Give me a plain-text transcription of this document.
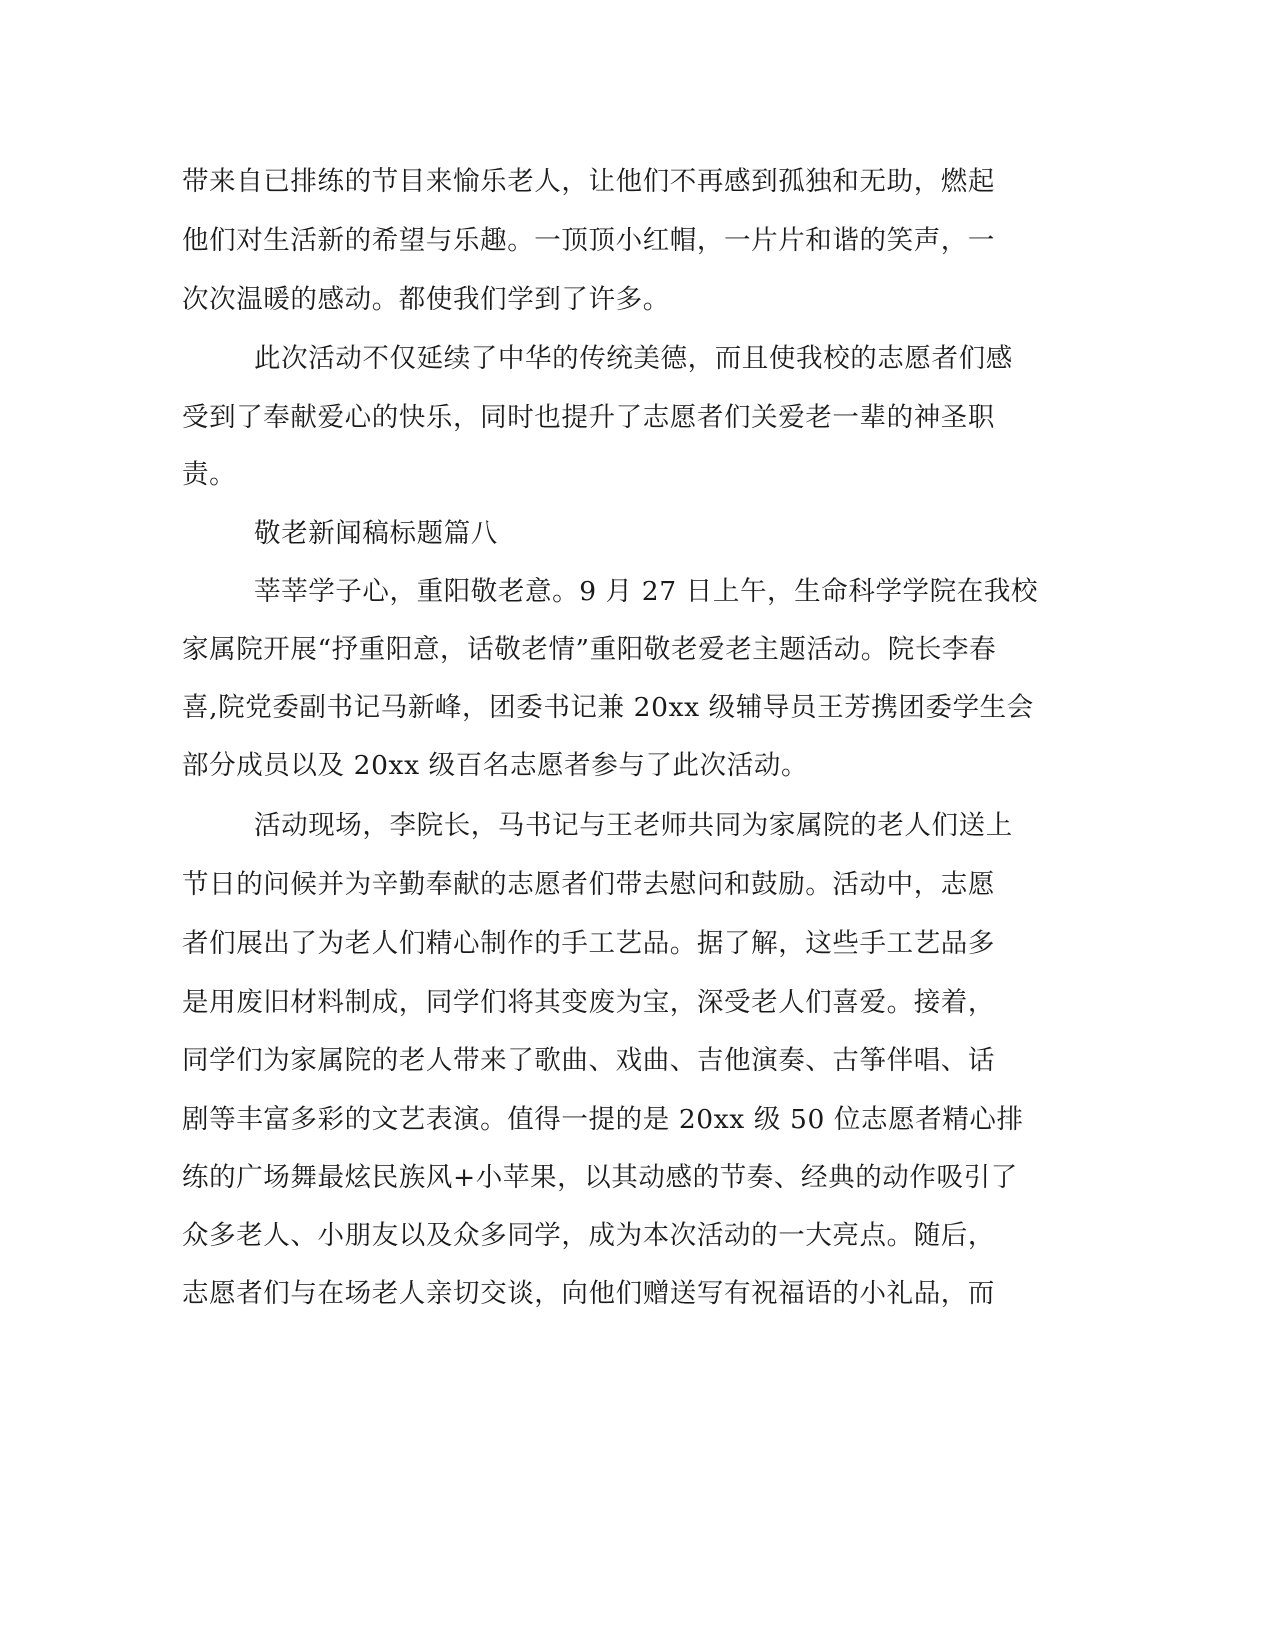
带来自已排练的节目来愉乐老人，让他们不再感到孤独和无助，燃起
他们对生活新的希望与乐趣。一顶顶小红帽，一片片和谐的笑声，一
次次温暖的感动。都使我们学到了许多。
此次活动不仅延续了中华的传统美德，而且使我校的志愿者们感
受到了奉献爱心的快乐，同时也提升了志愿者们关爱老一辈的神圣职
责。
敬老新闻稿标题篇八
莘莘学子心，重阳敬老意。9 月 27 日上午，生命科学学院在我校
家属院开展“抒重阳意，话敬老情”重阳敬老爱老主题活动。院长李春
喜,院党委副书记马新峰，团委书记兼 20xx 级辅导员王芳携团委学生会
部分成员以及 20xx 级百名志愿者参与了此次活动。
活动现场，李院长，马书记与王老师共同为家属院的老人们送上
节日的问候并为辛勤奉献的志愿者们带去慰问和鼓励。活动中，志愿
者们展出了为老人们精心制作的手工艺品。据了解，这些手工艺品多
是用废旧材料制成，同学们将其变废为宝，深受老人们喜爱。接着，
同学们为家属院的老人带来了歌曲、戏曲、吉他演奏、古筝伴唱、话
剧等丰富多彩的文艺表演。值得一提的是 20xx 级 50 位志愿者精心排
练的广场舞最炫民族风+小苹果，以其动感的节奏、经典的动作吸引了
众多老人、小朋友以及众多同学，成为本次活动的一大亮点。随后，
志愿者们与在场老人亲切交谈，向他们赠送写有祝福语的小礼品，而
